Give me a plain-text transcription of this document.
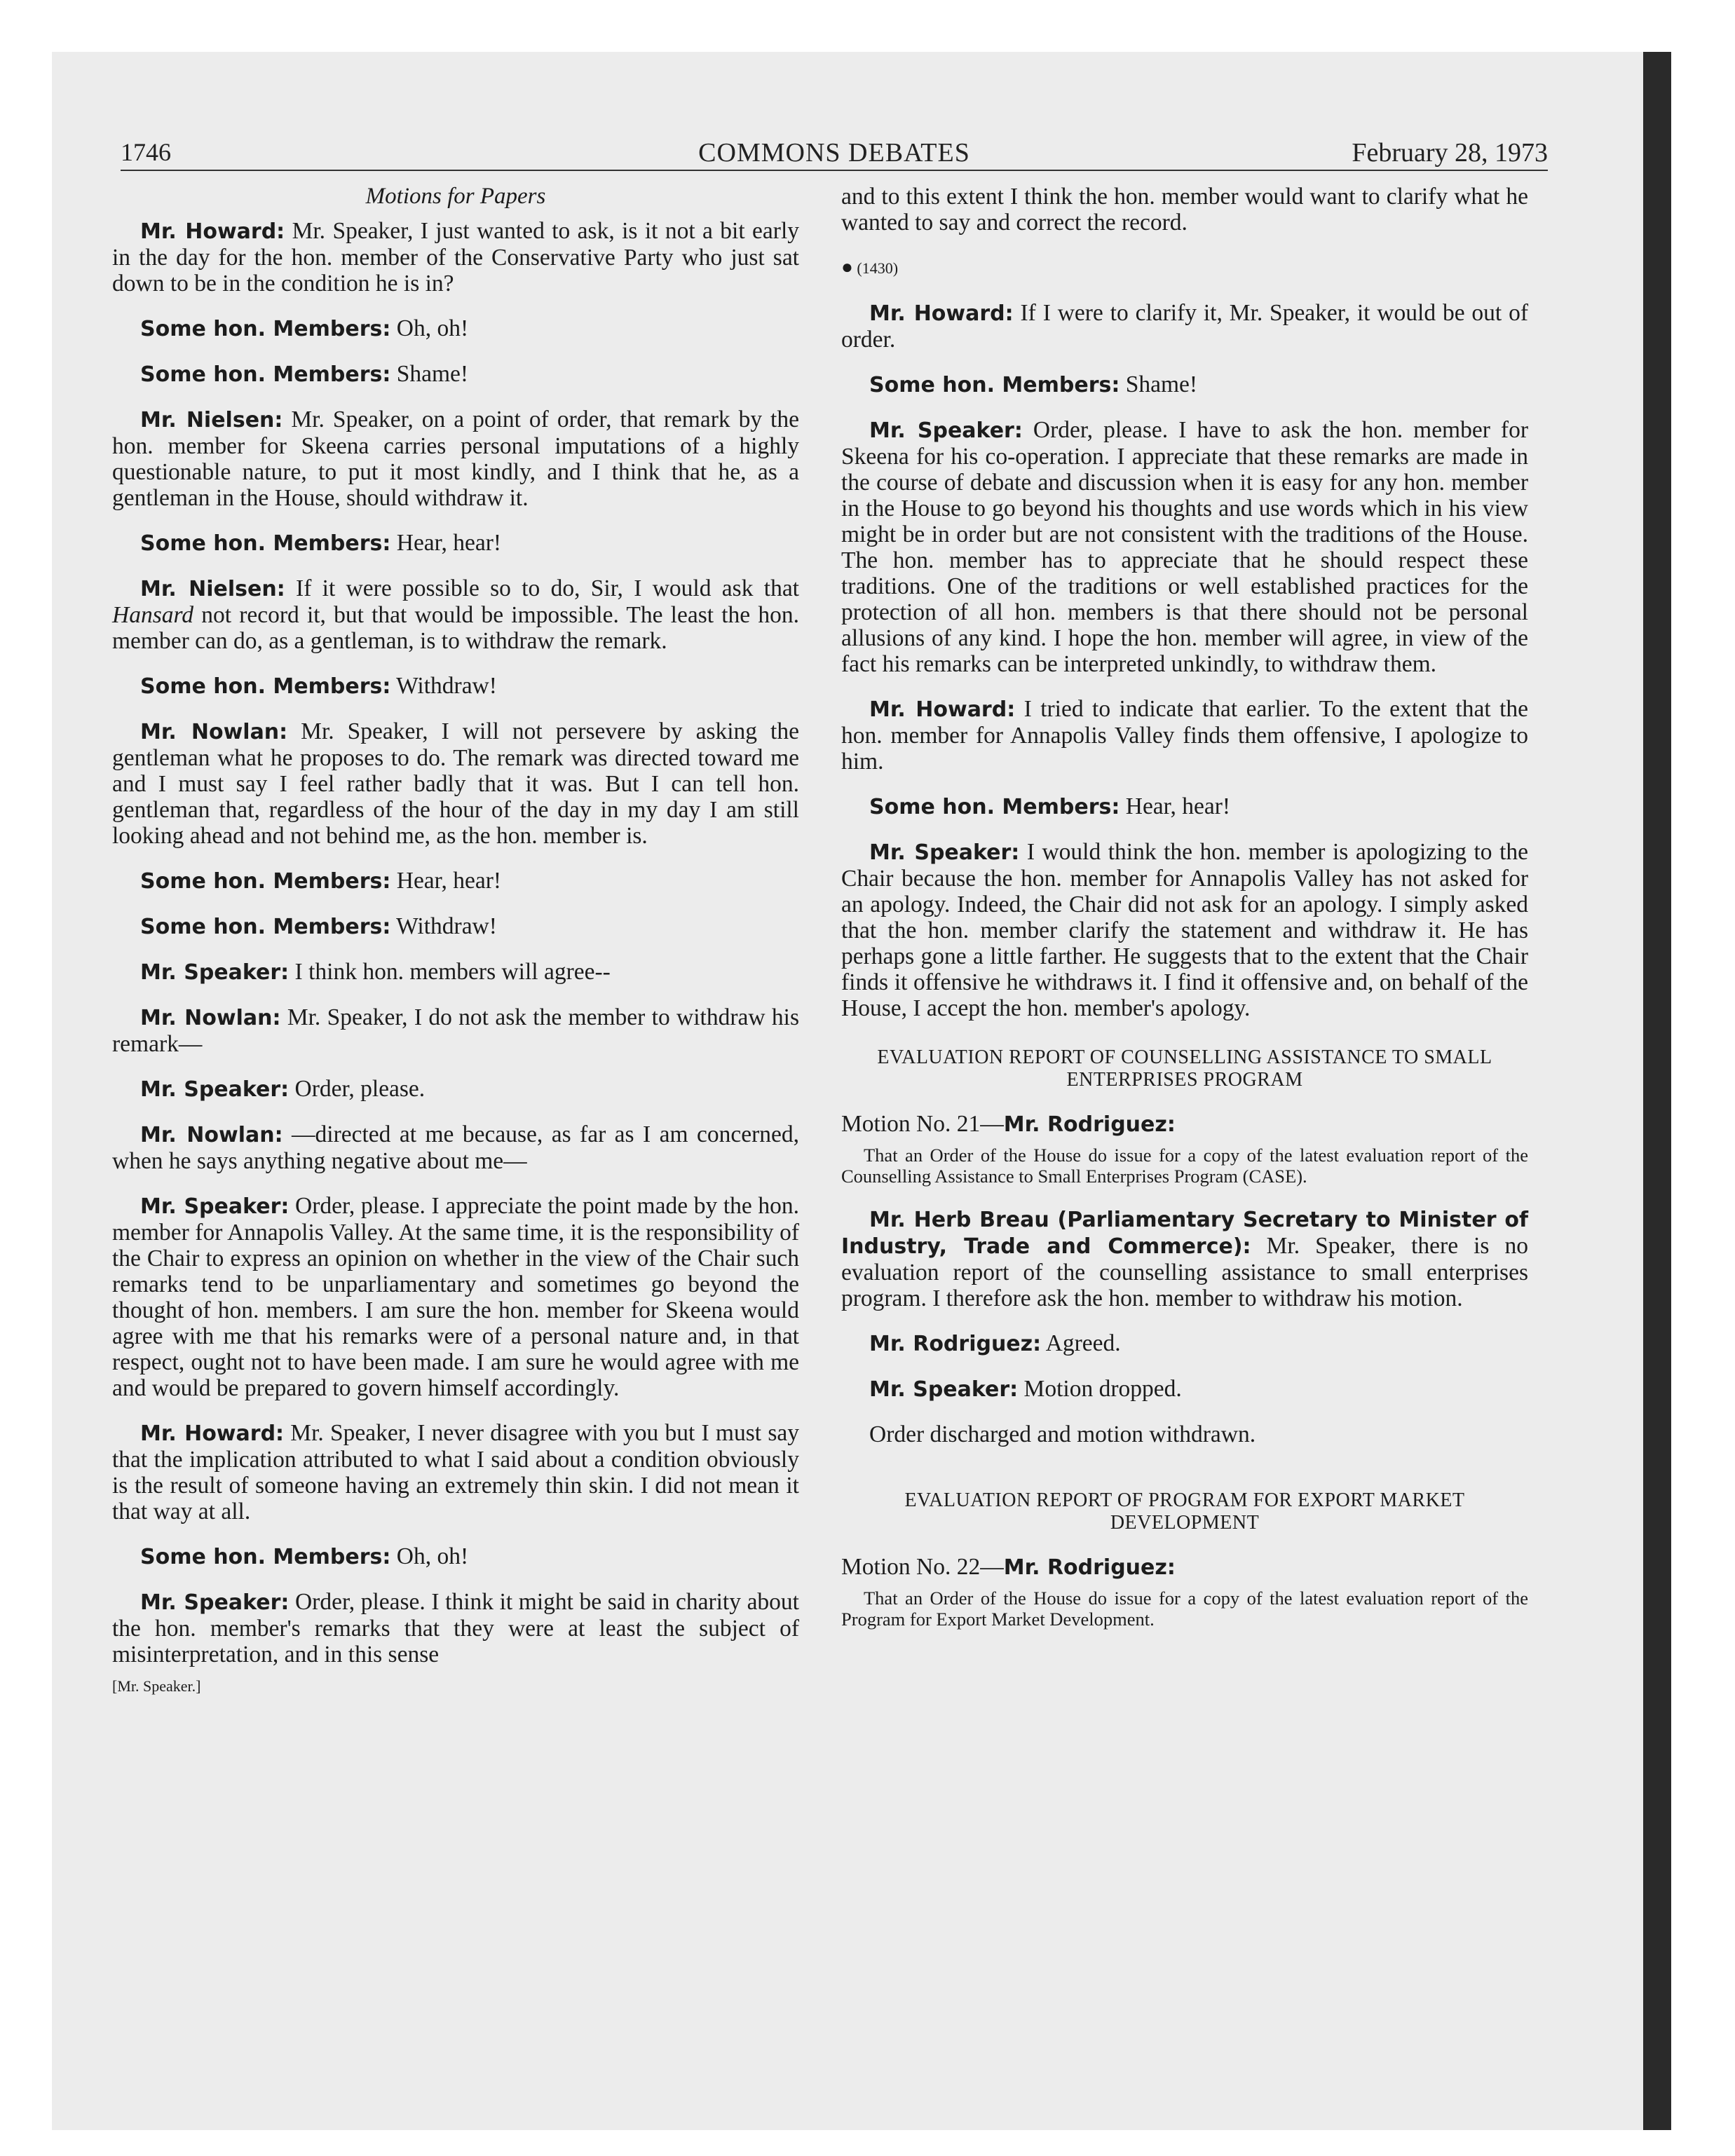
1746	COMMONS DEBATES	February 28, 1973
Motions for Papers

Mr. Howard: Mr. Speaker, I just wanted to ask, is it not a bit early in the day for the hon. member of the Conservative Party who just sat down to be in the condition he is in?

Some hon. Members: Oh, oh!

Some hon. Members: Shame!

Mr. Nielsen: Mr. Speaker, on a point of order, that remark by the hon. member for Skeena carries personal imputations of a highly questionable nature, to put it most kindly, and I think that he, as a gentleman in the House, should withdraw it.

Some hon. Members: Hear, hear!

Mr. Nielsen: If it were possible so to do, Sir, I would ask that Hansard not record it, but that would be impossible. The least the hon. member can do, as a gentleman, is to withdraw the remark.

Some hon. Members: Withdraw!

Mr. Nowlan: Mr. Speaker, I will not persevere by asking the gentleman what he proposes to do. The remark was directed toward me and I must say I feel rather badly that it was. But I can tell hon. gentleman that, regardless of the hour of the day in my day I am still looking ahead and not behind me, as the hon. member is.

Some hon. Members: Hear, hear!

Some hon. Members: Withdraw!

Mr. Speaker: I think hon. members will agree--

Mr. Nowlan: Mr. Speaker, I do not ask the member to withdraw his remark—

Mr. Speaker: Order, please.

Mr. Nowlan: —directed at me because, as far as I am concerned, when he says anything negative about me—

Mr. Speaker: Order, please. I appreciate the point made by the hon. member for Annapolis Valley. At the same time, it is the responsibility of the Chair to express an opinion on whether in the view of the Chair such remarks tend to be unparliamentary and sometimes go beyond the thought of hon. members. I am sure the hon. member for Skeena would agree with me that his remarks were of a personal nature and, in that respect, ought not to have been made. I am sure he would agree with me and would be prepared to govern himself accordingly.

Mr. Howard: Mr. Speaker, I never disagree with you but I must say that the implication attributed to what I said about a condition obviously is the result of someone having an extremely thin skin. I did not mean it that way at all.

Some hon. Members: Oh, oh!

Mr. Speaker: Order, please. I think it might be said in charity about the hon. member's remarks that they were at least the subject of misinterpretation, and in this sense

[Mr. Speaker.]

and to this extent I think the hon. member would want to clarify what he wanted to say and correct the record.

● (1430)

Mr. Howard: If I were to clarify it, Mr. Speaker, it would be out of order.

Some hon. Members: Shame!

Mr. Speaker: Order, please. I have to ask the hon. member for Skeena for his co-operation. I appreciate that these remarks are made in the course of debate and discussion when it is easy for any hon. member in the House to go beyond his thoughts and use words which in his view might be in order but are not consistent with the traditions of the House. The hon. member has to appreciate that he should respect these traditions. One of the traditions or well established practices for the protection of all hon. members is that there should not be personal allusions of any kind. I hope the hon. member will agree, in view of the fact his remarks can be interpreted unkindly, to withdraw them.

Mr. Howard: I tried to indicate that earlier. To the extent that the hon. member for Annapolis Valley finds them offensive, I apologize to him.

Some hon. Members: Hear, hear!

Mr. Speaker: I would think the hon. member is apologizing to the Chair because the hon. member for Annapolis Valley has not asked for an apology. Indeed, the Chair did not ask for an apology. I simply asked that the hon. member clarify the statement and withdraw it. He has perhaps gone a little farther. He suggests that to the extent that the Chair finds it offensive he withdraws it. I find it offensive and, on behalf of the House, I accept the hon. member's apology.

EVALUATION REPORT OF COUNSELLING ASSISTANCE TO SMALL ENTERPRISES PROGRAM
Motion No. 21—Mr. Rodriguez:
That an Order of the House do issue for a copy of the latest evaluation report of the Counselling Assistance to Small Enterprises Program (CASE).

Mr. Herb Breau (Parliamentary Secretary to Minister of Industry, Trade and Commerce): Mr. Speaker, there is no evaluation report of the counselling assistance to small enterprises program. I therefore ask the hon. member to withdraw his motion.

Mr. Rodriguez: Agreed.

Mr. Speaker: Motion dropped.

Order discharged and motion withdrawn.

EVALUATION REPORT OF PROGRAM FOR EXPORT MARKET DEVELOPMENT
Motion No. 22—Mr. Rodriguez:
That an Order of the House do issue for a copy of the latest evaluation report of the Program for Export Market Development.
